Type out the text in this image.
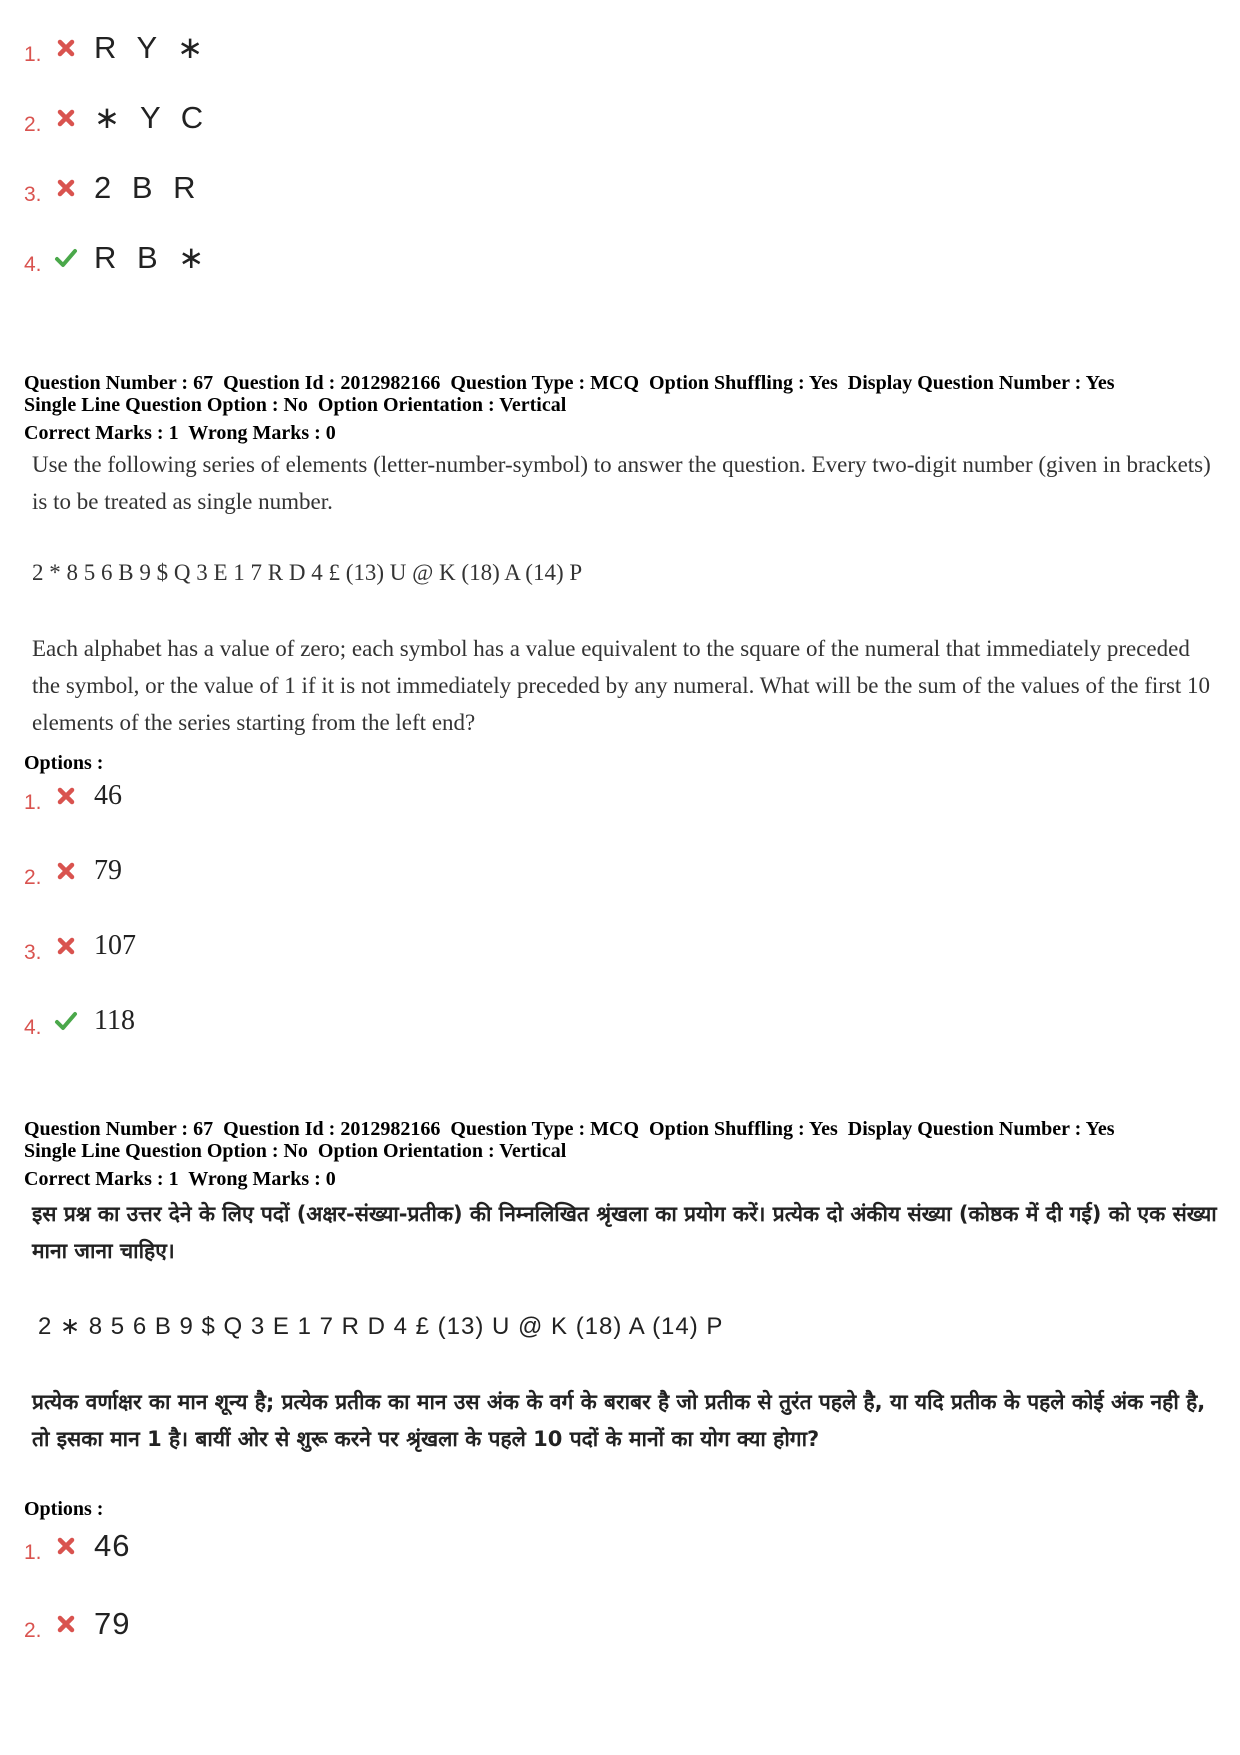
1.	R Y ∗
2.	∗ Y C
3.	2 B R
4.	R B ∗
Question Number : 67  Question Id : 2012982166  Question Type : MCQ  Option Shuffling : Yes  Display Question Number : Yes
Single Line Question Option : No  Option Orientation : Vertical
Correct Marks : 1  Wrong Marks : 0
Use the following series of elements (letter-number-symbol) to answer the question. Every two-digit number (given in brackets) is to be treated as single number.
2 * 8 5 6 B 9 $ Q 3 E 1 7 R D 4 £ (13) U @ K (18) A (14) P
Each alphabet has a value of zero; each symbol has a value equivalent to the square of the numeral that immediately preceded the symbol, or the value of 1 if it is not immediately preceded by any numeral. What will be the sum of the values of the first 10 elements of the series starting from the left end?
Options :
1.	46
2.	79
3.	107
4.	118
Question Number : 67  Question Id : 2012982166  Question Type : MCQ  Option Shuffling : Yes  Display Question Number : Yes
Single Line Question Option : No  Option Orientation : Vertical
Correct Marks : 1  Wrong Marks : 0
इस प्रश्न का उत्तर देने के लिए पदों (अक्षर-संख्या-प्रतीक) की निम्नलिखित श्रृंखला का प्रयोग करें। प्रत्येक दो अंकीय संख्या (कोष्ठक में दी गई) को एक संख्या माना जाना चाहिए।
2 ∗ 8 5 6 B 9 $ Q 3 E 1 7 R D 4 £ (13) U @ K (18) A (14) P
प्रत्येक वर्णाक्षर का मान शून्य है; प्रत्येक प्रतीक का मान उस अंक के वर्ग के बराबर है जो प्रतीक से तुरंत पहले है, या यदि प्रतीक के पहले कोई अंक नही है, तो इसका मान 1 है। बायीं ओर से शुरू करने पर श्रृंखला के पहले 10 पदों के मानों का योग क्या होगा?
Options :
1.	46
2.	79
